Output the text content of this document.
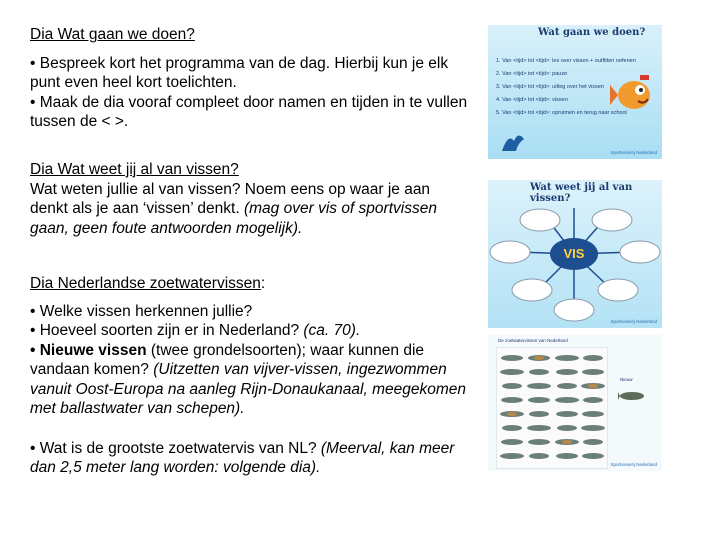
Dia Wat gaan we doen?

• Bespreek kort het programma van de dag. Hierbij kun je elk punt even heel kort toelichten.

• Maak de dia vooraf compleet door namen en tijden in te vullen tussen de < >.

Dia Wat weet jij al van vissen?

Wat weten jullie al van vissen? Noem eens op waar je aan denkt als je aan ‘vissen’ denkt. (mag over vis of sportvissen gaan, geen foute antwoorden mogelijk).

Dia Nederlandse zoetwatervissen:

• Welke vissen herkennen jullie?

• Hoeveel soorten zijn er in Nederland? (ca. 70).

• Nieuwe vissen (twee grondelsoorten); waar kunnen die vandaan komen? (Uitzetten van vijver-vissen, ingezwommen vanuit Oost-Europa na aanleg Rijn-Donaukanaal, meegekomen met ballastwater van schepen).

• Wat is de grootste zoetwatervis van NL? (Meerval, kan meer dan 2,5 meter lang worden: volgende dia).

Wat gaan we doen?
1. Van <tijd> tot <tijd>: les over vissen + outfitten oefenen
2. Van <tijd> tot <tijd>: pauze
3. Van <tijd> tot <tijd>: uitleg over het vissen
4. Van <tijd> tot <tijd>: vissen
5. Van <tijd> tot <tijd>: opruimen en terug naar school
Sportvisserij Nederland
Wat weet jij al van vissen?
VIS
Sportvisserij Nederland
De zoetwatervissen van Nederland
Nieuw
Sportvisserij Nederland
